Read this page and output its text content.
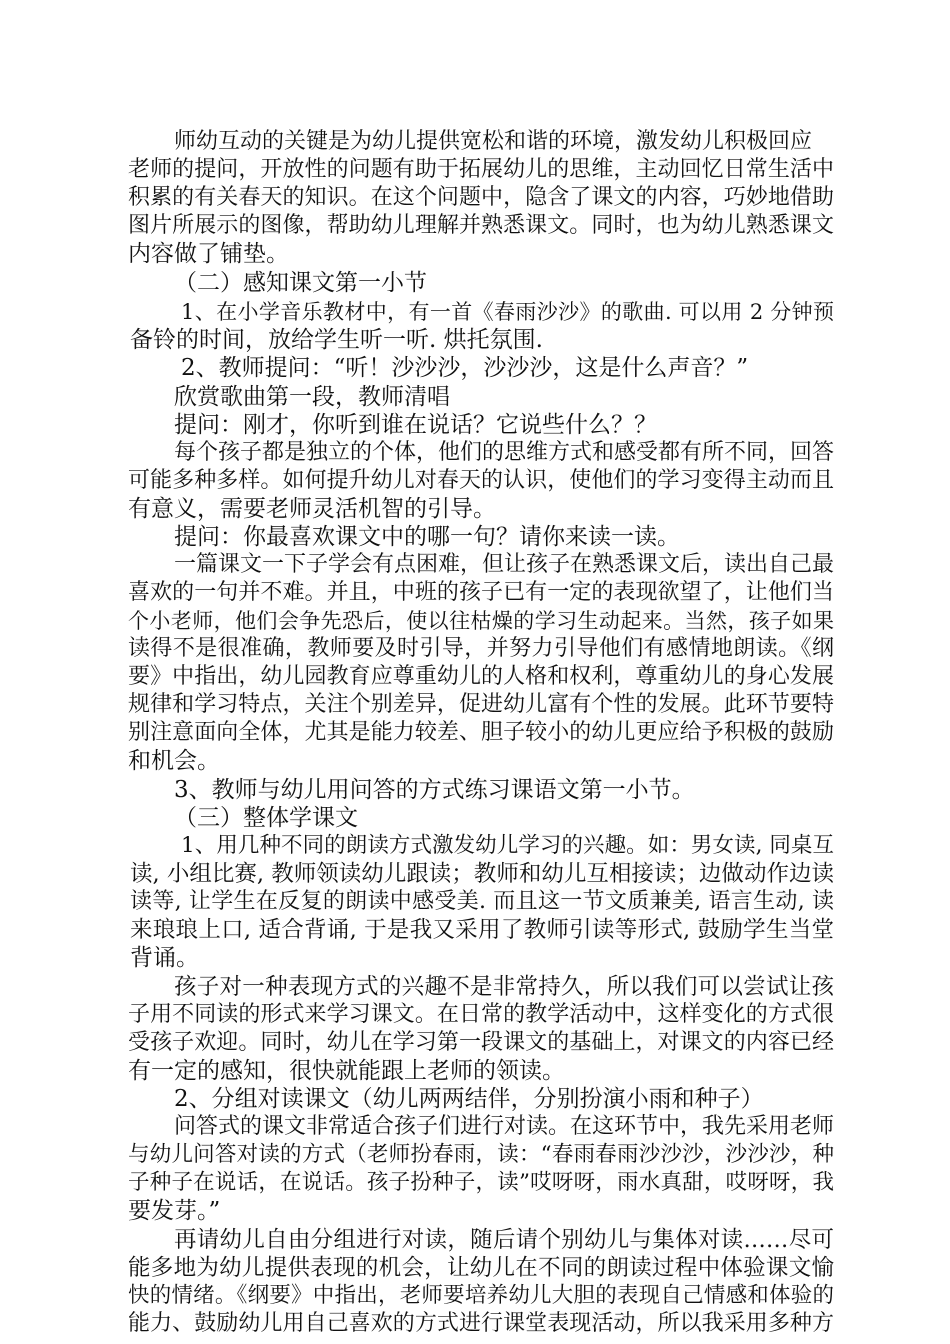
师幼互动的关键是为幼儿提供宽松和谐的环境，激发幼儿积极回应
老师的提问，开放性的问题有助于拓展幼儿的思维，主动回忆日常生活中
积累的有关春天的知识。在这个问题中，隐含了课文的内容，巧妙地借助
图片所展示的图像，帮助幼儿理解并熟悉课文。同时，也为幼儿熟悉课文
内容做了铺垫。
（二）感知课文第一小节
1、在小学音乐教材中，有一首《春雨沙沙》的歌曲. 可以用 2 分钟预
备铃的时间，放给学生听一听. 烘托氛围.
2、教师提问：“听！沙沙沙，沙沙沙，这是什么声音？”
欣赏歌曲第一段，教师清唱
提问：刚才，你听到谁在说话？它说些什么？？
每个孩子都是独立的个体，他们的思维方式和感受都有所不同，回答
可能多种多样。如何提升幼儿对春天的认识，使他们的学习变得主动而且
有意义，需要老师灵活机智的引导。
提问：你最喜欢课文中的哪一句？请你来读一读。
一篇课文一下子学会有点困难，但让孩子在熟悉课文后，读出自己最
喜欢的一句并不难。并且，中班的孩子已有一定的表现欲望了，让他们当
个小老师，他们会争先恐后，使以往枯燥的学习生动起来。当然，孩子如果
读得不是很准确，教师要及时引导，并努力引导他们有感情地朗读。《纲
要》中指出，幼儿园教育应尊重幼儿的人格和权利，尊重幼儿的身心发展
规律和学习特点，关注个别差异，促进幼儿富有个性的发展。此环节要特
别注意面向全体，尤其是能力较差、胆子较小的幼儿更应给予积极的鼓励
和机会。
3、教师与幼儿用问答的方式练习课语文第一小节。
（三）整体学课文
1、用几种不同的朗读方式激发幼儿学习的兴趣。如：男女读, 同桌互
读, 小组比赛, 教师领读幼儿跟读；教师和幼儿互相接读；边做动作边读
读等, 让学生在反复的朗读中感受美. 而且这一节文质兼美, 语言生动, 读
来琅琅上口, 适合背诵, 于是我又采用了教师引读等形式, 鼓励学生当堂
背诵。
孩子对一种表现方式的兴趣不是非常持久，所以我们可以尝试让孩
子用不同读的形式来学习课文。在日常的教学活动中，这样变化的方式很
受孩子欢迎。同时，幼儿在学习第一段课文的基础上，对课文的内容已经
有一定的感知，很快就能跟上老师的领读。
2、分组对读课文（幼儿两两结伴，分别扮演小雨和种子）
问答式的课文非常适合孩子们进行对读。在这环节中，我先采用老师
与幼儿问答对读的方式（老师扮春雨，读：“春雨春雨沙沙沙，沙沙沙，种
子种子在说话，在说话。孩子扮种子，读”哎呀呀，雨水真甜，哎呀呀，我
要发芽。”
再请幼儿自由分组进行对读，随后请个别幼儿与集体对读……尽可
能多地为幼儿提供表现的机会，让幼儿在不同的朗读过程中体验课文愉
快的情绪。《纲要》中指出，老师要培养幼儿大胆的表现自己情感和体验的
能力、鼓励幼儿用自己喜欢的方式进行课堂表现活动，所以我采用多种方
